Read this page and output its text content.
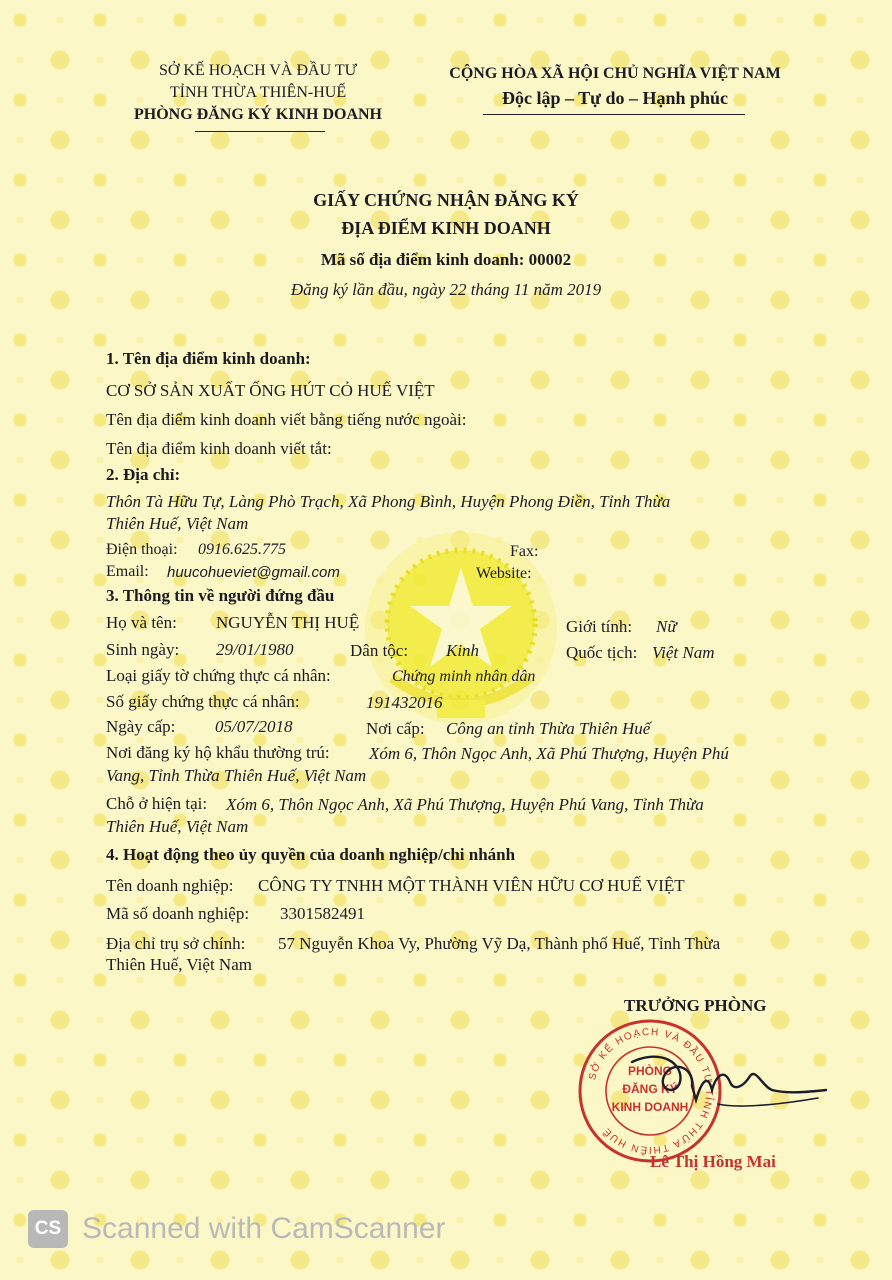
SỞ KẾ HOẠCH VÀ ĐẦU TƯ
TỈNH THỪA THIÊN-HUẾ
PHÒNG ĐĂNG KÝ KINH DOANH
CỘNG HÒA XÃ HỘI CHỦ NGHĨA VIỆT NAM
Độc lập – Tự do – Hạnh phúc
GIẤY CHỨNG NHẬN ĐĂNG KÝ
ĐỊA ĐIỂM KINH DOANH
Mã số địa điểm kinh doanh: 00002
Đăng ký lần đầu, ngày 22 tháng 11 năm 2019
1. Tên địa điểm kinh doanh:
CƠ SỞ SẢN XUẤT ỐNG HÚT CỎ HUẾ VIỆT
Tên địa điểm kinh doanh viết bằng tiếng nước ngoài:
Tên địa điểm kinh doanh viết tắt:
2. Địa chỉ:
Thôn Tà Hữu Tự, Làng Phò Trạch, Xã Phong Bình, Huyện Phong Điền, Tỉnh Thừa
Thiên Huế, Việt Nam
Điện thoại: 0916.625.775	Fax:
Email: huucohueviet@gmail.com	Website:
3. Thông tin về người đứng đầu
Họ và tên: NGUYỄN THỊ HUỆ	Giới tính: Nữ
Sinh ngày: 29/01/1980	Dân tộc: Kinh	Quốc tịch: Việt Nam
Loại giấy tờ chứng thực cá nhân:	Chứng minh nhân dân
Số giấy chứng thực cá nhân:	191432016
Ngày cấp: 05/07/2018	Nơi cấp: Công an tỉnh Thừa Thiên Huế
Nơi đăng ký hộ khẩu thường trú: Xóm 6, Thôn Ngọc Anh, Xã Phú Thượng, Huyện Phú
Vang, Tỉnh Thừa Thiên Huế, Việt Nam
Chỗ ở hiện tại: Xóm 6, Thôn Ngọc Anh, Xã Phú Thượng, Huyện Phú Vang, Tỉnh Thừa
Thiên Huế, Việt Nam
4. Hoạt động theo ủy quyền của doanh nghiệp/chi nhánh
Tên doanh nghiệp: CÔNG TY TNHH MỘT THÀNH VIÊN HỮU CƠ HUẾ VIỆT
Mã số doanh nghiệp: 3301582491
Địa chỉ trụ sở chính: 57 Nguyễn Khoa Vy, Phường Vỹ Dạ, Thành phố Huế, Tỉnh Thừa
Thiên Huế, Việt Nam
TRƯỞNG PHÒNG
SỞ KẾ HOẠCH VÀ ĐẦU TƯ TỈNH THỪA THIÊN HUẾ
PHÒNG
ĐĂNG KÝ
KINH DOANH
Lê Thị Hồng Mai
CS Scanned with CamScanner
